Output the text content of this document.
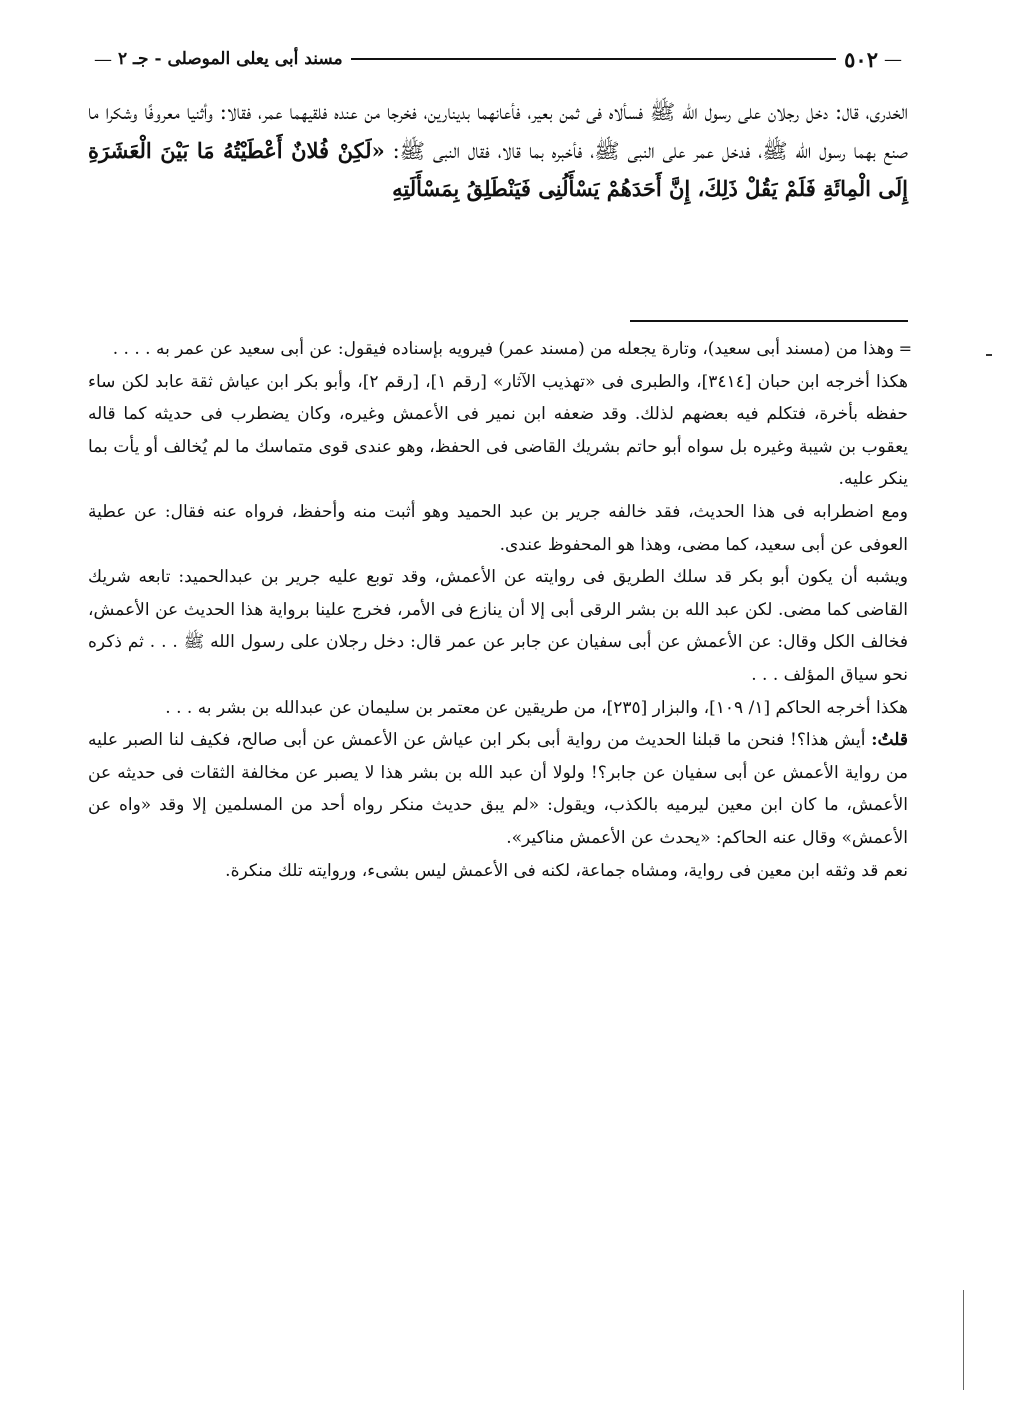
—
٥٠٢
مسند أبى يعلى الموصلى - جـ ٢
—

الخدرى، قال: دخل رجلان على رسول الله ﷺ فسألاه فى ثمن بعير، فأعانهما بدينارين، فخرجا من عنده فلقيهما عمر، فقالا: وأثنيا معروفًا وشكرا ما صنع بهما رسول الله ﷺ، فدخل عمر على النبى ﷺ، فأخبره بما قالا، فقال النبى ﷺ: «لَكِنْ فُلانٌ أَعْطَيْتُهُ مَا بَيْنَ الْعَشَرَةِ إِلَى الْمِائَةِ فَلَمْ يَقُلْ ذَلِكَ، إِنَّ أَحَدَهُمْ يَسْأَلُنِى فَيَنْطَلِقُ بِمَسْأَلَتِهِ

=
وهذا من (مسند أبى سعيد)، وتارة يجعله من (مسند عمر) فيرويه بإسناده فيقول: عن أبى سعيد عن عمر به . . . .

هكذا أخرجه ابن حبان [٣٤١٤]، والطبرى فى «تهذيب الآثار» [رقم ١]، [رقم ٢]، وأبو بكر ابن عياش ثقة عابد لكن ساء حفظه بأخرة، فتكلم فيه بعضهم لذلك. وقد ضعفه ابن نمير فى الأعمش وغيره، وكان يضطرب فى حديثه كما قاله يعقوب بن شيبة وغيره بل سواه أبو حاتم بشريك القاضى فى الحفظ، وهو عندى قوى متماسك ما لم يُخالف أو يأت بما ينكر عليه.

ومع اضطرابه فى هذا الحديث، فقد خالفه جرير بن عبد الحميد وهو أثبت منه وأحفظ، فرواه عنه فقال: عن عطية العوفى عن أبى سعيد، كما مضى، وهذا هو المحفوظ عندى.

ويشبه أن يكون أبو بكر قد سلك الطريق فى روايته عن الأعمش، وقد توبع عليه جرير بن عبدالحميد: تابعه شريك القاضى كما مضى. لكن عبد الله بن بشر الرقى أبى إلا أن ينازع فى الأمر، فخرج علينا برواية هذا الحديث عن الأعمش، فخالف الكل وقال: عن الأعمش عن أبى سفيان عن جابر عن عمر قال: دخل رجلان على رسول الله ﷺ . . . ثم ذكره نحو سياق المؤلف . . .

هكذا أخرجه الحاكم [١/ ١٠٩]، والبزار [٢٣٥]، من طريقين عن معتمر بن سليمان عن عبدالله بن بشر به . . .

قلتُ: أيش هذا؟! فنحن ما قبلنا الحديث من رواية أبى بكر ابن عياش عن الأعمش عن أبى صالح، فكيف لنا الصبر عليه من رواية الأعمش عن أبى سفيان عن جابر؟! ولولا أن عبد الله بن بشر هذا لا يصبر عن مخالفة الثقات فى حديثه عن الأعمش، ما كان ابن معين ليرميه بالكذب، ويقول: «لم يبق حديث منكر رواه أحد من المسلمين إلا وقد «واه عن الأعمش» وقال عنه الحاكم: «يحدث عن الأعمش مناكير».

نعم قد وثقه ابن معين فى رواية، ومشاه جماعة، لكنه فى الأعمش ليس بشىء، وروايته تلك منكرة.
